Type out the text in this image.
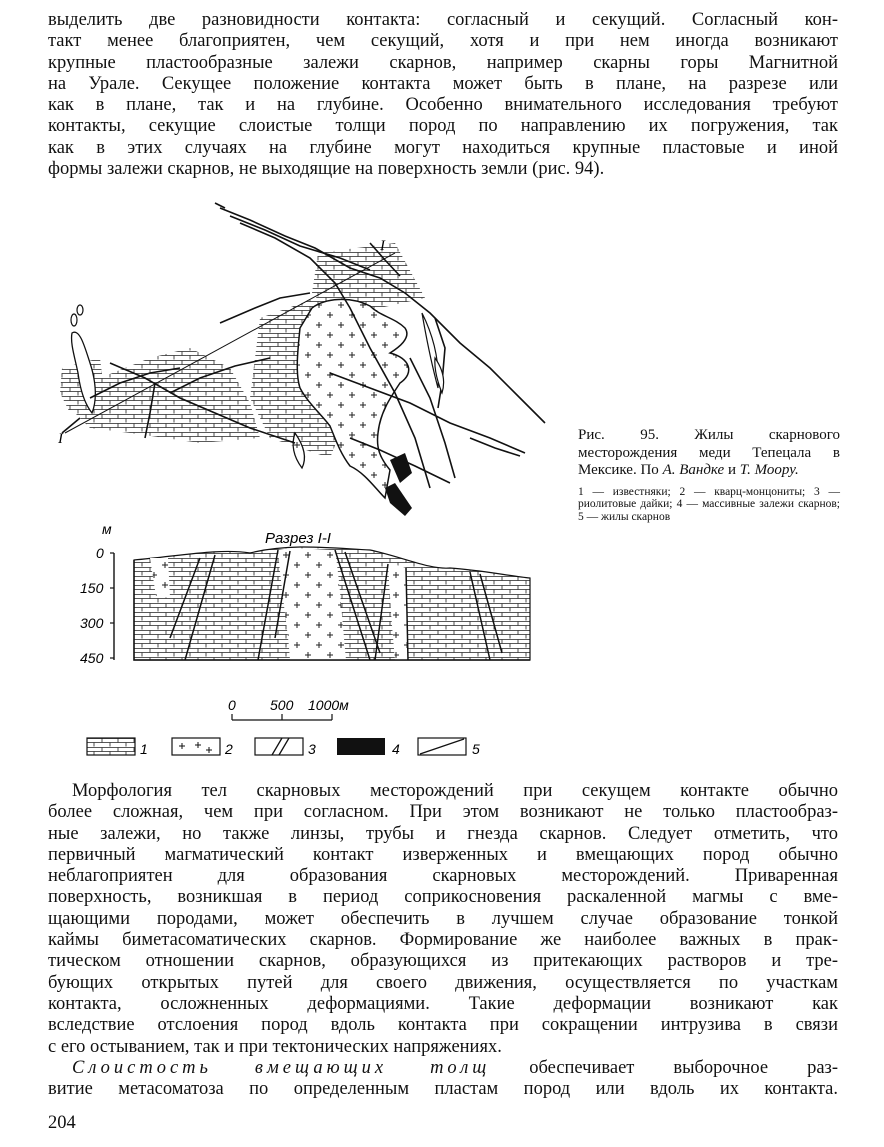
выделить две разновидности контакта: согласный и секущий. Согласный кон-
такт менее благоприятен, чем секущий, хотя и при нем иногда возникают
крупные пластообразные залежи скарнов, например скарны горы Магнитной
на Урале. Секущее положение контакта может быть в плане, на разрезе или
как в плане, так и на глубине. Особенно внимательного исследования требуют
контакты, секущие слоистые толщи пород по направлению их погружения, так
как в этих случаях на глубине могут находиться крупные пластовые и иной
формы залежи скарнов, не выходящие на поверхность земли (рис. 94).
I
I
Разрез I-I
м
0
150
300
450
0 500 1000м
1	2	3	4	5

Рис. 95. Жилы скарнового месторождения меди Тепецала в Мексике. По А. Вандке и Т. Моору.

1 — известняки; 2 — кварц-монцониты; 3 — риолитовые дайки; 4 — массивные залежи скарнов; 5 — жилы скарнов

Морфология тел скарновых месторождений при секущем контакте обычно
более сложная, чем при согласном. При этом возникают не только пластообраз-
ные залежи, но также линзы, трубы и гнезда скарнов. Следует отметить, что
первичный магматический контакт изверженных и вмещающих пород обычно
неблагоприятен для образования скарновых месторождений. Приваренная
поверхность, возникшая в период соприкосновения раскаленной магмы с вме-
щающими породами, может обеспечить в лучшем случае образование тонкой
каймы биметасоматических скарнов. Формирование же наиболее важных в прак-
тическом отношении скарнов, образующихся из притекающих растворов и тре-
бующих открытых путей для своего движения, осуществляется по участкам
контакта, осложненных деформациями. Такие деформации возникают как
вследствие отслоения пород вдоль контакта при сокращении интрузива в связи
с его остыванием, так и при тектонических напряжениях.
Слоистость вмещающих толщ обеспечивает выборочное раз-
витие метасоматоза по определенным пластам пород или вдоль их контакта.
204
